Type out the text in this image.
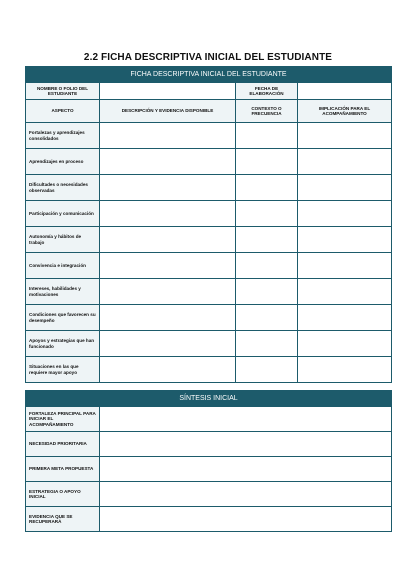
2.2 FICHA DESCRIPTIVA INICIAL DEL ESTUDIANTE
FICHA DESCRIPTIVA INICIAL DEL ESTUDIANTE			
NOMBRE O FOLIO DEL ESTUDIANTE		FECHA DE ELABORACIÓN	
ASPECTO	DESCRIPCIÓN Y EVIDENCIA DISPONIBLE	CONTEXTO O FRECUENCIA	IMPLICACIÓN PARA EL ACOMPAÑAMIENTO
Fortalezas y aprendizajes consolidados			
Aprendizajes en proceso			
Dificultades o necesidades observadas			
Participación y comunicación			
Autonomía y hábitos de trabajo			
Convivencia e integración			
Intereses, habilidades y motivaciones			
Condiciones que favorecen su desempeño			
Apoyos y estrategias que han funcionado			
Situaciones en las que requiere mayor apoyo			
SÍNTESIS INICIAL	
FORTALEZA PRINCIPAL PARA INICIAR EL ACOMPAÑAMIENTO	
NECESIDAD PRIORITARIA	
PRIMERA META PROPUESTA	
ESTRATEGIA O APOYO INICIAL	
EVIDENCIA QUE SE RECUPERARÁ	
